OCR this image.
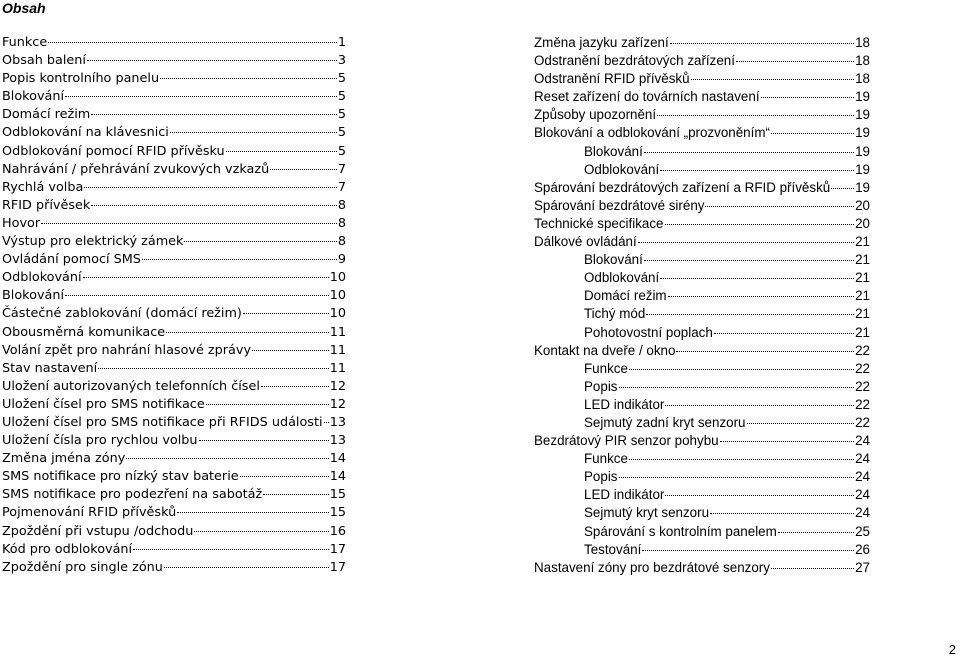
Obsah
Funkce	1
Obsah balení	3
Popis kontrolního panelu	5
Blokování	5
Domácí režim	5
Odblokování na klávesnici	5
Odblokování pomocí RFID přívěsku	5
Nahrávání / přehrávání zvukových vzkazů	7
Rychlá volba	7
RFID přívěsek	8
Hovor	8
Výstup pro elektrický zámek	8
Ovládání pomocí SMS	9
Odblokování	10
Blokování	10
Částečné zablokování (domácí režim)	10
Obousměrná komunikace	11
Volání zpět pro nahrání hlasové zprávy	11
Stav nastavení	11
Uložení autorizovaných telefonních čísel	12
Uložení čísel pro SMS notifikace	12
Uložení čísel pro SMS notifikace při RFIDS události 13
Uložení čísla pro rychlou volbu	13
Změna jména zóny	14
SMS notifikace pro nízký stav baterie	14
SMS notifikace pro podezření na sabotáž	15
Pojmenování RFID přívěsků	15
Zpoždění při vstupu /odchodu	16
Kód pro odblokování	17
Zpoždění pro single zónu	17
Změna jazyku zařízení	18
Odstranění bezdrátových zařízení	18
Odstranění RFID přívěsků	18
Reset zařízení do továrních nastavení	19
Způsoby upozornění	19
Blokování a odblokování „prozvoněním“	19
Blokování	19
Odblokování	19
Spárování bezdrátových zařízení a RFID přívěsků 19
Spárování bezdrátové sirény	20
Technické specifikace	20
Dálkové ovládání	21
Blokování	21
Odblokování	21
Domácí režim	21
Tichý mód	21
Pohotovostní poplach	21
Kontakt na dveře / okno	22
Funkce	22
Popis	22
LED indikátor	22
Sejmutý zadní kryt senzoru	22
Bezdrátový PIR senzor pohybu	24
Funkce	24
Popis	24
LED indikátor	24
Sejmutý kryt senzoru	24
Spárování s kontrolním panelem	25
Testování	26
Nastavení zóny pro bezdrátové senzory	27
2
